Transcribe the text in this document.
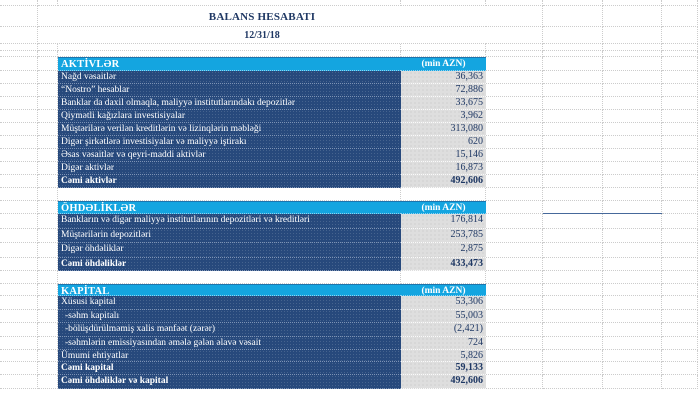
BALANS HESABATI
12/31/18
AKTİVLƏR	(min AZN)
Nağd vəsaitlər	36,363
“Nostro” hesablar	72,886
Banklar da daxil olmaqla, maliyyə institutlarındakı depozitlər	33,675
Qiymətli kağızlara investisiyalar	3,962
Müştərilərə verilən kreditlərin və lizinqlərin məbləği	313,080
Digər şirkətlərə investisiyalar və maliyyə iştirakı	620
Əsas vəsaitlər və qeyri-maddi aktivlər	15,146
Digər aktivlər	16,873
Cəmi aktivlər	492,606
ÖHDƏLİKLƏR	(min AZN)
Bankların və digər maliyyə institutlarının depozitləri və kreditləri	176,814
Müştərilərin depozitləri	253,785
Digər öhdəliklər	2,875
Cəmi öhdəliklər	433,473
KAPİTAL	(min AZN)
Xüsusi kapital	53,306
-səhm kapitalı	55,003
-bölüşdürülməmiş xalis mənfəət (zərər)	(2,421)
-səhmlərin emissiyasından əmələ gələn əlavə vəsait	724
Ümumi ehtiyatlar	5,826
Cəmi kapital	59,133
Cəmi öhdəliklər və kapital	492,606
